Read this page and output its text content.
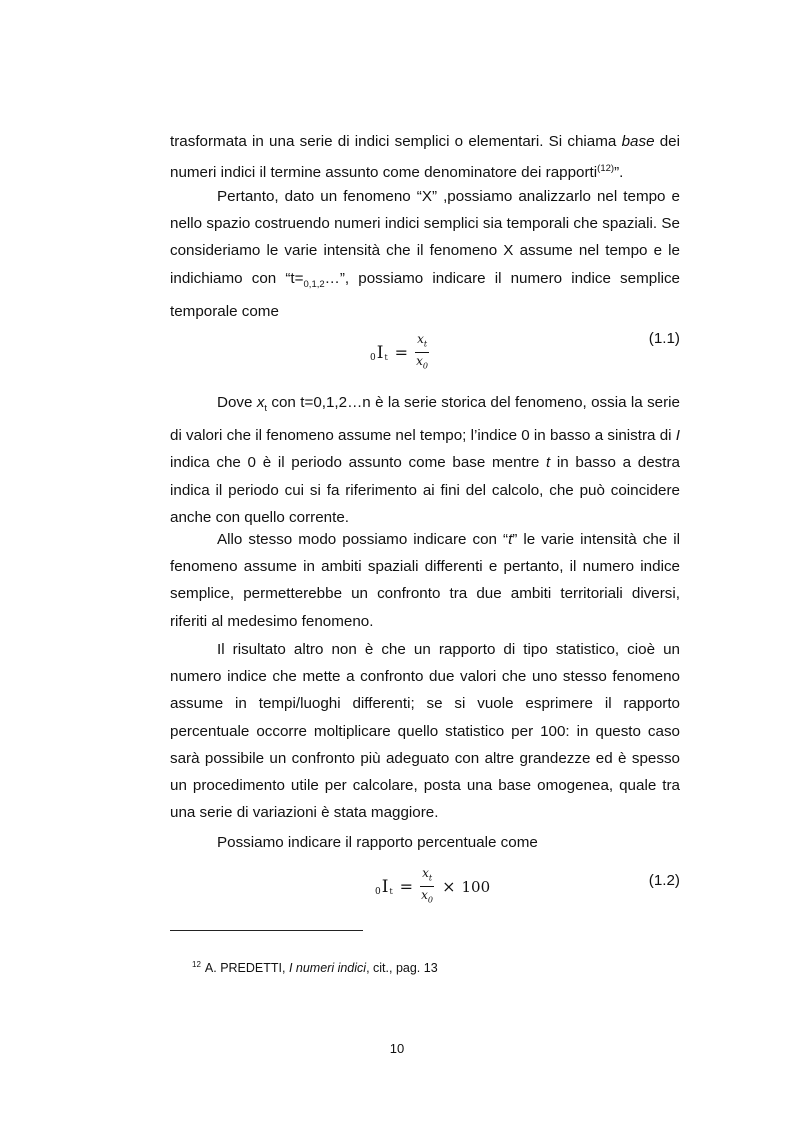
trasformata in una serie di indici semplici o elementari. Si chiama base dei numeri indici il termine assunto come denominatore dei rapporti$^{(12)}$”.

Pertanto, dato un fenomeno “X” ,possiamo analizzarlo nel tempo e nello spazio costruendo numeri indici semplici sia temporali che spaziali. Se consideriamo le varie intensità che il fenomeno X assume nel tempo e le indichiamo con “$t=_{0,1,2}\dots$”, possiamo indicare il numero indice semplice temporale come

0 I $t = \frac{x_t}{x_0}$	(1.1)

Dove $x_t$ con t=0,1,2…n è la serie storica del fenomeno, ossia la serie di valori che il fenomeno assume nel tempo; l’indice 0 in basso a sinistra di I indica che 0 è il periodo assunto come base mentre t in basso a destra indica il periodo cui si fa riferimento ai fini del calcolo, che può coincidere anche con quello corrente.

Allo stesso modo possiamo indicare con “t” le varie intensità che il fenomeno assume in ambiti spaziali differenti e pertanto, il numero indice semplice, permetterebbe un confronto tra due ambiti territoriali diversi, riferiti al medesimo fenomeno.

Il risultato altro non è che un rapporto di tipo statistico, cioè un numero indice che mette a confronto due valori che uno stesso fenomeno assume in tempi/luoghi differenti; se si vuole esprimere il rapporto percentuale occorre moltiplicare quello statistico per 100: in questo caso sarà possibile un confronto più adeguato con altre grandezze ed è spesso un procedimento utile per calcolare, posta una base omogenea, quale tra una serie di variazioni è stata maggiore.

Possiamo indicare il rapporto percentuale come

0 I $t = \frac{x_t}{x_0} \times 100$	(1.2)
$^{12}$ A. PREDETTI, I numeri indici, cit., pag. 13
10
